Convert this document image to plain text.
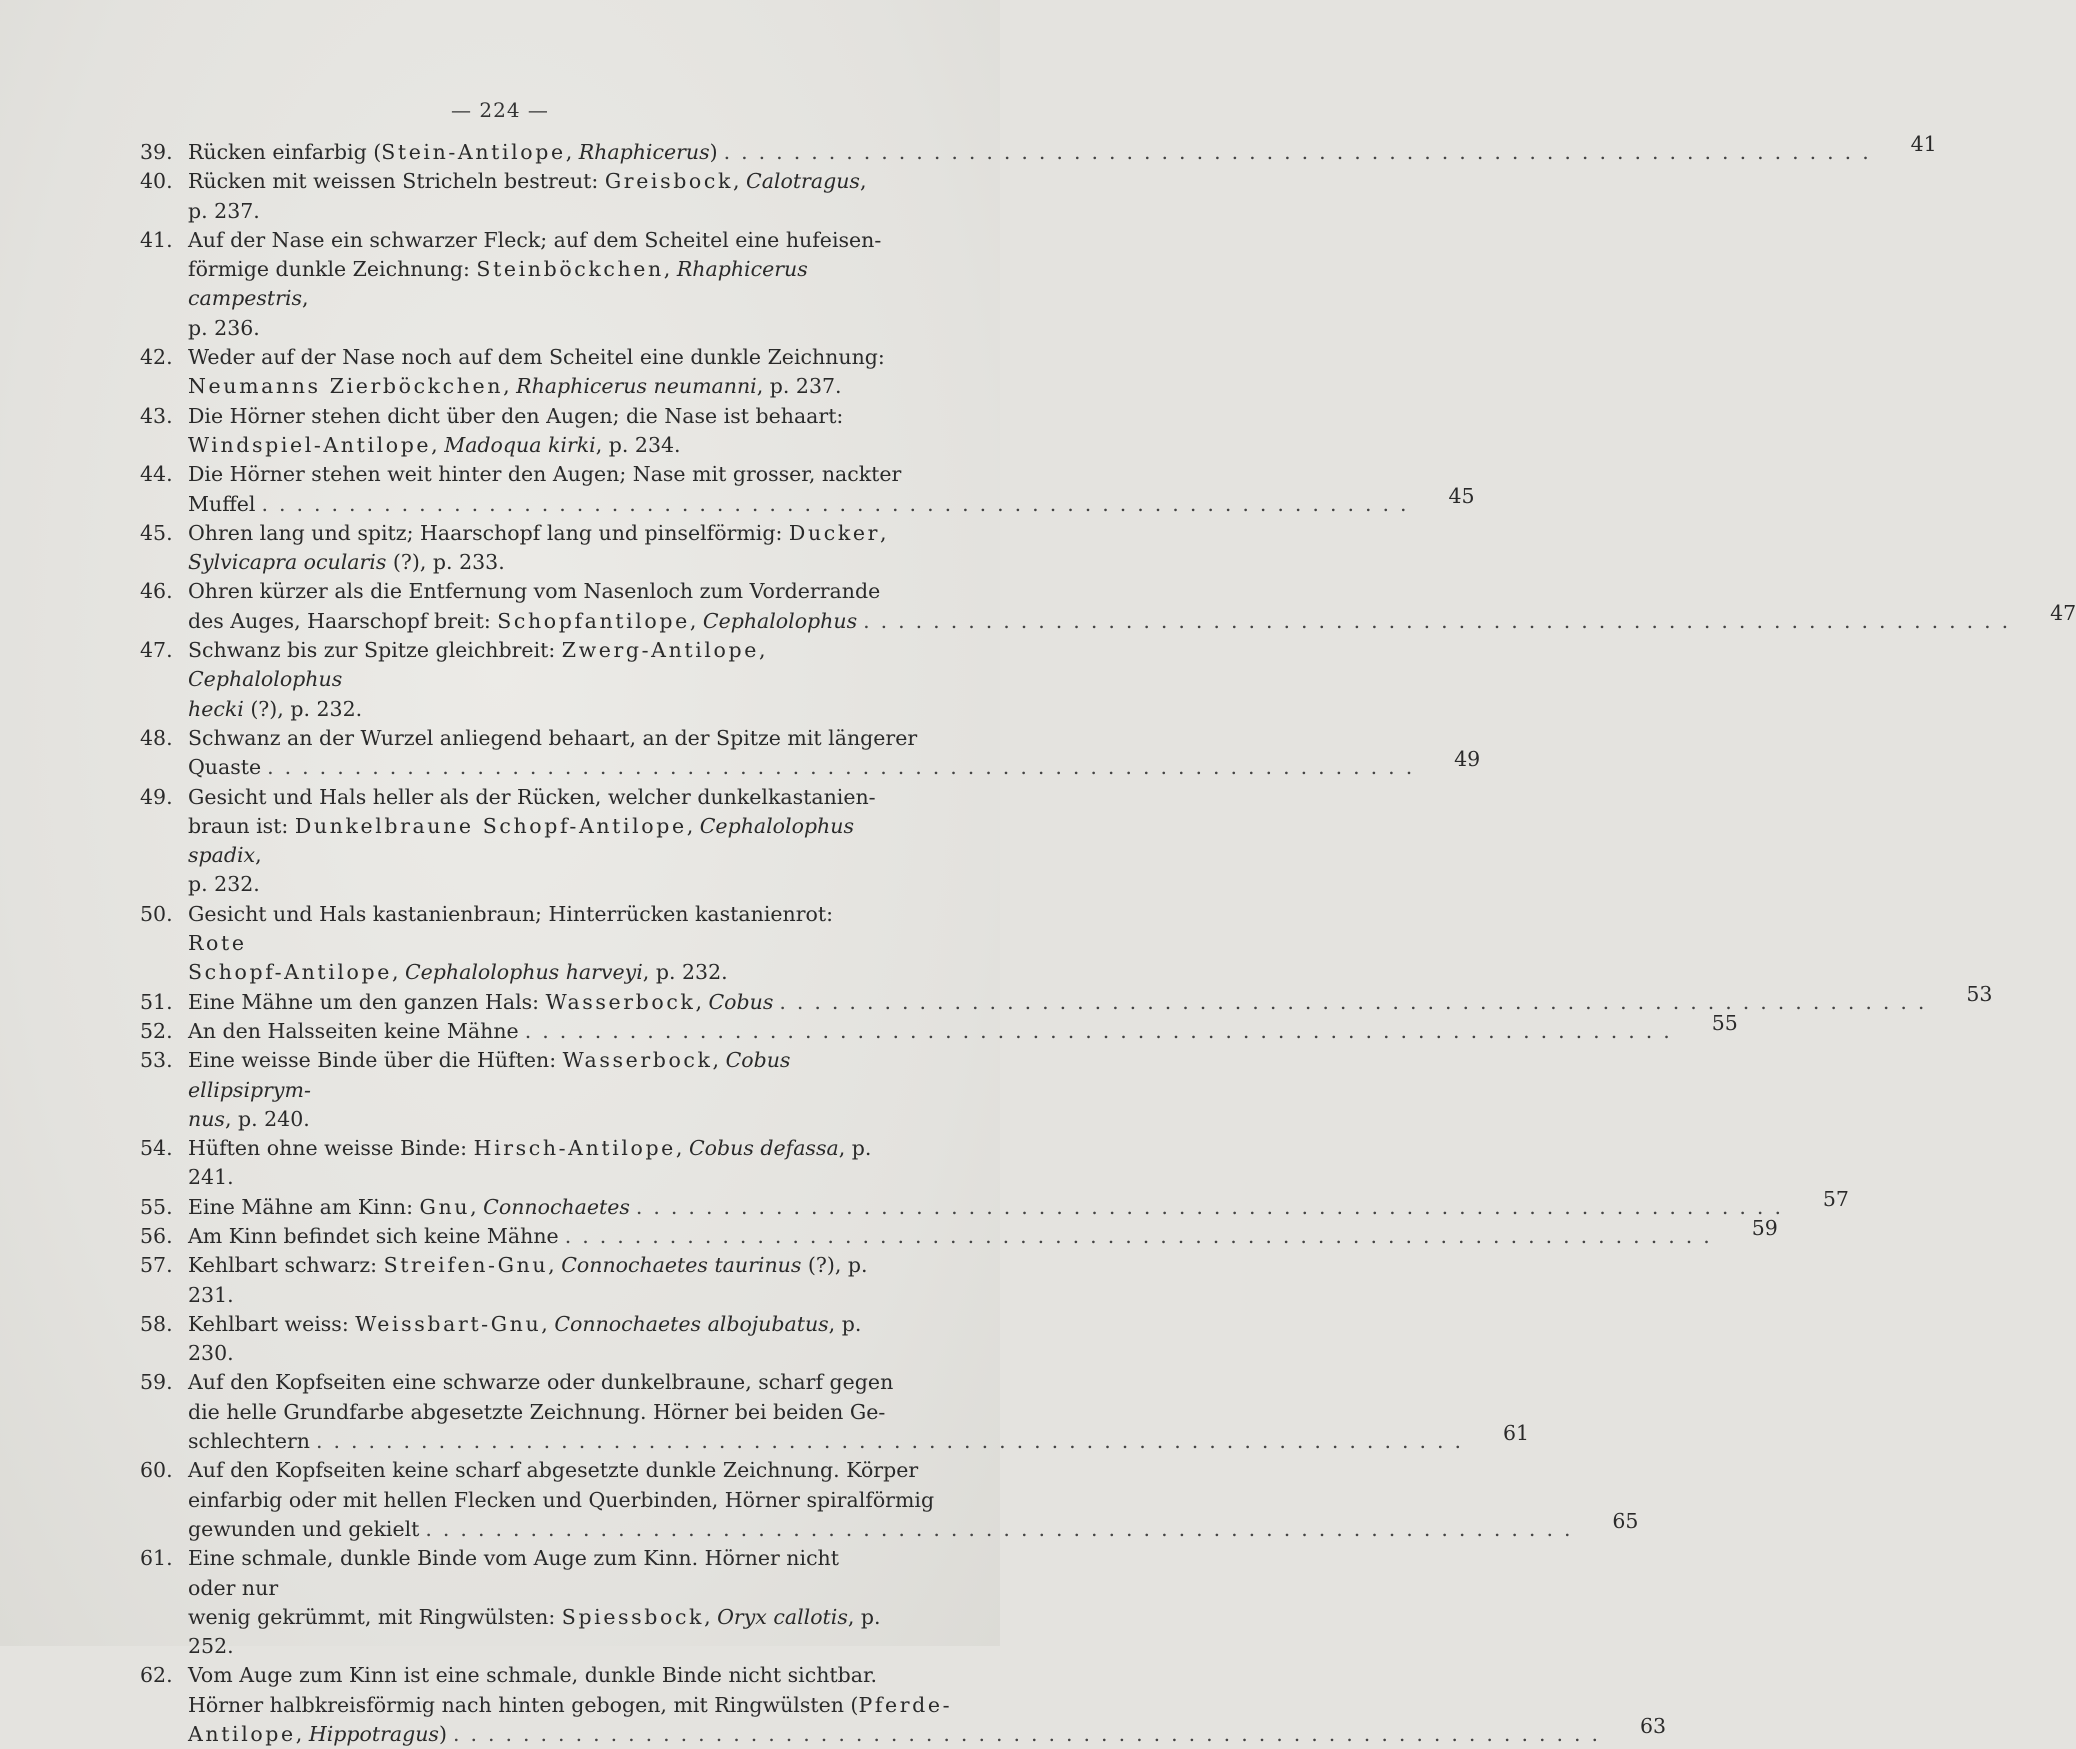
— 224 —
39. Rücken einfarbig (Stein-Antilope, Rhaphicerus) ..................................................................	41
40. Rücken mit weissen Stricheln bestreut: Greisbock, Calotragus, p. 237.
41. Auf der Nase ein schwarzer Fleck; auf dem Scheitel eine hufeisen-
förmige dunkle Zeichnung: Steinböckchen, Rhaphicerus campestris,
p. 236.
42. Weder auf der Nase noch auf dem Scheitel eine dunkle Zeichnung:
Neumanns Zierböckchen, Rhaphicerus neumanni, p. 237.
43. Die Hörner stehen dicht über den Augen; die Nase ist behaart:
Windspiel-Antilope, Madoqua kirki, p. 234.
44. Die Hörner stehen weit hinter den Augen; Nase mit grosser, nackter
Muffel ..................................................................	45
45. Ohren lang und spitz; Haarschopf lang und pinselförmig: Ducker,
Sylvicapra ocularis (?), p. 233.
46. Ohren kürzer als die Entfernung vom Nasenloch zum Vorderrande
des Auges, Haarschopf breit: Schopfantilope, Cephalolophus ..................................................................	47
47. Schwanz bis zur Spitze gleichbreit: Zwerg-Antilope, Cephalolophus
hecki (?), p. 232.
48. Schwanz an der Wurzel anliegend behaart, an der Spitze mit längerer
Quaste ..................................................................	49
49. Gesicht und Hals heller als der Rücken, welcher dunkelkastanien-
braun ist: Dunkelbraune Schopf-Antilope, Cephalolophus spadix,
p. 232.
50. Gesicht und Hals kastanienbraun; Hinterrücken kastanienrot: Rote
Schopf-Antilope, Cephalolophus harveyi, p. 232.
51. Eine Mähne um den ganzen Hals: Wasserbock, Cobus ..................................................................	53
52. An den Halsseiten keine Mähne ..................................................................	55
53. Eine weisse Binde über die Hüften: Wasserbock, Cobus ellipsiprym-
nus, p. 240.
54. Hüften ohne weisse Binde: Hirsch-Antilope, Cobus defassa, p. 241.
55. Eine Mähne am Kinn: Gnu, Connochaetes ..................................................................	57
56. Am Kinn befindet sich keine Mähne ..................................................................	59
57. Kehlbart schwarz: Streifen-Gnu, Connochaetes taurinus (?), p. 231.
58. Kehlbart weiss: Weissbart-Gnu, Connochaetes albojubatus, p. 230.
59. Auf den Kopfseiten eine schwarze oder dunkelbraune, scharf gegen
die helle Grundfarbe abgesetzte Zeichnung. Hörner bei beiden Ge-
schlechtern ..................................................................	61
60. Auf den Kopfseiten keine scharf abgesetzte dunkle Zeichnung. Körper
einfarbig oder mit hellen Flecken und Querbinden, Hörner spiralförmig
gewunden und gekielt ..................................................................	65
61. Eine schmale, dunkle Binde vom Auge zum Kinn. Hörner nicht oder nur
wenig gekrümmt, mit Ringwülsten: Spiessbock, Oryx callotis, p. 252.
62. Vom Auge zum Kinn ist eine schmale, dunkle Binde nicht sichtbar.
Hörner halbkreisförmig nach hinten gebogen, mit Ringwülsten (Pferde-
Antilope, Hippotragus) ..................................................................	63
